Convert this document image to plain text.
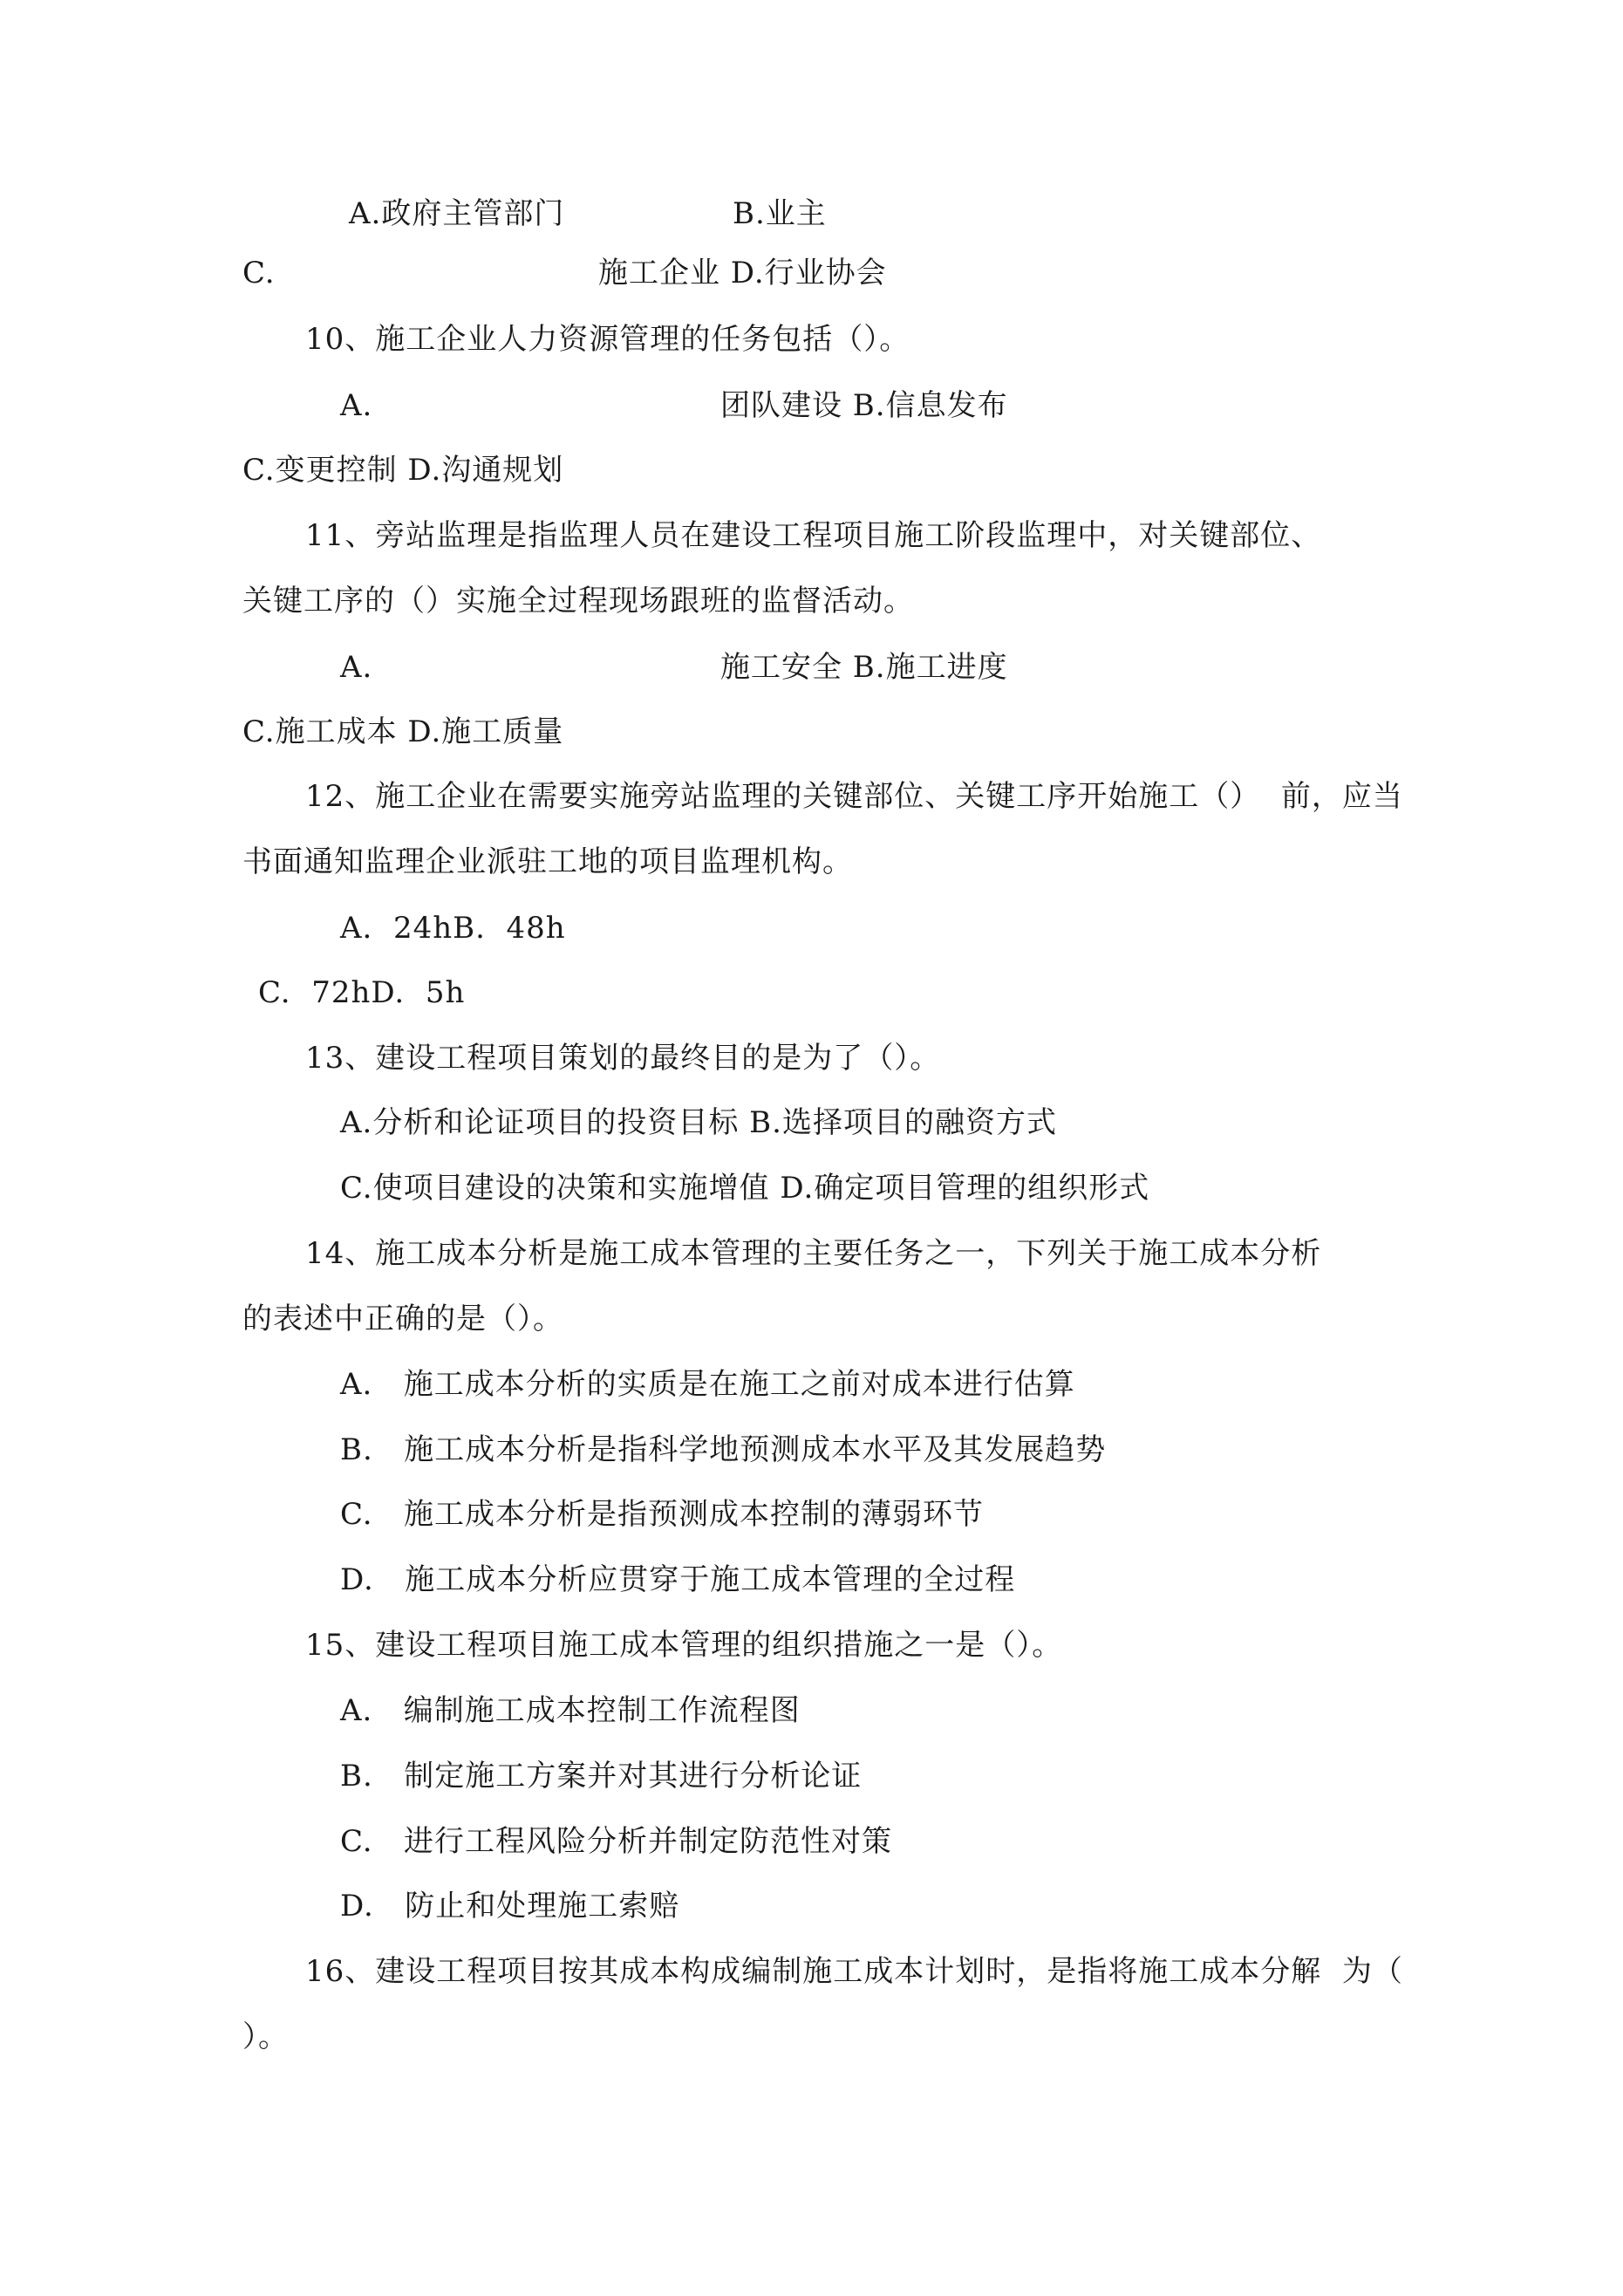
A.政府主管部门	B.业主
C.	施工企业 D.行业协会
10、施工企业人力资源管理的任务包括（）。
A.	团队建设 B.信息发布
C.变更控制 D.沟通规划
11、旁站监理是指监理人员在建设工程项目施工阶段监理中，对关键部位、
关键工序的（）实施全过程现场跟班的监督活动。
A.	施工安全 B.施工进度
C.施工成本 D.施工质量
12、施工企业在需要实施旁站监理的关键部位、关键工序开始施工（）  前，应当
书面通知监理企业派驻工地的项目监理机构。
A.  24hB.  48h
C.  72hD.  5h
13、建设工程项目策划的最终目的是为了（）。
A.分析和论证项目的投资目标 B.选择项目的融资方式
C.使项目建设的决策和实施增值 D.确定项目管理的组织形式
14、施工成本分析是施工成本管理的主要任务之一，下列关于施工成本分析
的表述中正确的是（）。
A.   施工成本分析的实质是在施工之前对成本进行估算
B.   施工成本分析是指科学地预测成本水平及其发展趋势
C.   施工成本分析是指预测成本控制的薄弱环节
D.   施工成本分析应贯穿于施工成本管理的全过程
15、建设工程项目施工成本管理的组织措施之一是（）。
A.   编制施工成本控制工作流程图
B.   制定施工方案并对其进行分析论证
C.   进行工程风险分析并制定防范性对策
D.   防止和处理施工索赔
16、建设工程项目按其成本构成编制施工成本计划时，是指将施工成本分解  为（
）。
